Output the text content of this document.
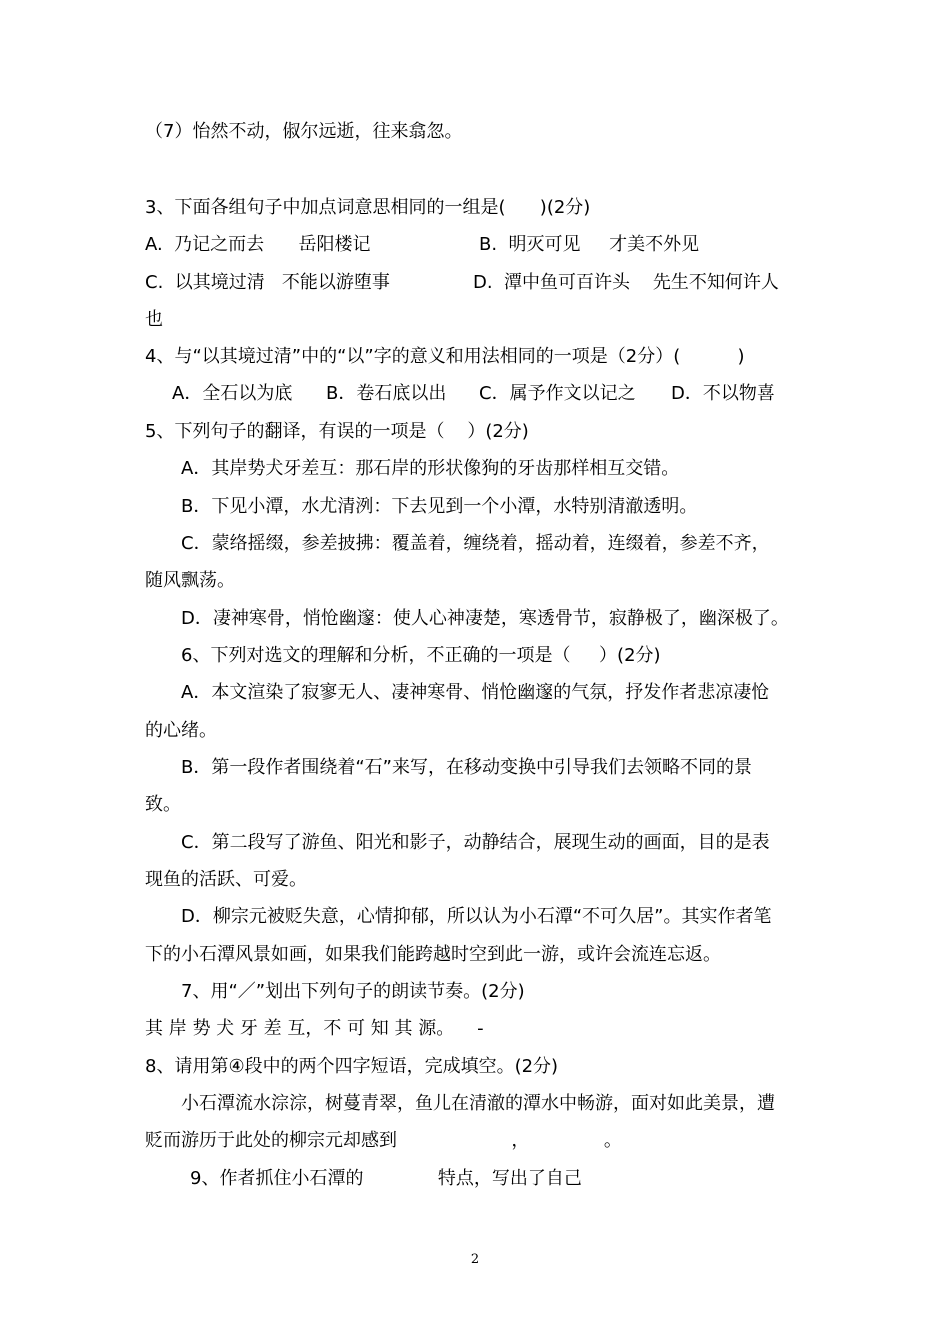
（7）怡然不动，俶尔远逝，往来翕忽。
3、下面各组句子中加点词意思相同的一组是(      )(2分)
A.  乃记之而去      岳阳楼记	B.  明灭可见     才美不外见
C.  以其境过清   不能以游堕事	D.  潭中鱼可百许头    先生不知何许人
也
4、与“以其境过清”中的“以”字的意义和用法相同的一项是（2分）(          )
A．全石以为底 B．卷石底以出 C．属予作文以记之 D．不以物喜
5、下列句子的翻译，有误的一项是（    ）(2分)
A．其岸势犬牙差互：那石岸的形状像狗的牙齿那样相互交错。
B．下见小潭，水尤清洌：下去见到一个小潭，水特别清澈透明。
C．蒙络摇缀，参差披拂：覆盖着，缠绕着，摇动着，连缀着，参差不齐，
随风飘荡。
D．凄神寒骨，悄怆幽邃：使人心神凄楚，寒透骨节，寂静极了，幽深极了。
6、下列对选文的理解和分析，不正确的一项是（     ）(2分)
A．本文渲染了寂寥无人、凄神寒骨、悄怆幽邃的气氛，抒发作者悲凉凄怆
的心绪。
B．第一段作者围绕着“石”来写，在移动变换中引导我们去领略不同的景
致。
C．第二段写了游鱼、阳光和影子，动静结合，展现生动的画面，目的是表
现鱼的活跃、可爱。
D．柳宗元被贬失意，心情抑郁，所以认为小石潭“不可久居”。其实作者笔
下的小石潭风景如画，如果我们能跨越时空到此一游，或许会流连忘返。
7、用“／”划出下列句子的朗读节奏。(2分)
其 岸 势 犬 牙 差 互，不 可 知 其 源。    -
8、请用第④段中的两个四字短语，完成填空。(2分)
小石潭流水淙淙，树蔓青翠，鱼儿在清澈的潭水中畅游，面对如此美景，遭
贬而游历于此处的柳宗元却感到                    ，             。
9、作者抓住小石潭的             特点，写出了自己
2
